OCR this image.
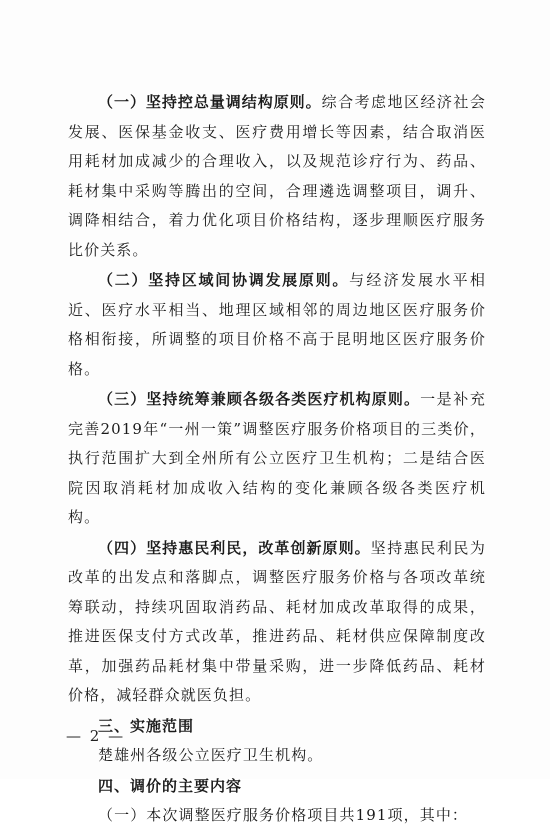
（一）坚持控总量调结构原则。综合考虑地区经济社会发展、医保基金收支、医疗费用增长等因素，结合取消医用耗材加成减少的合理收入，以及规范诊疗行为、药品、耗材集中采购等腾出的空间，合理遴选调整项目，调升、调降相结合，着力优化项目价格结构，逐步理顺医疗服务比价关系。

（二）坚持区域间协调发展原则。与经济发展水平相近、医疗水平相当、地理区域相邻的周边地区医疗服务价格相衔接，所调整的项目价格不高于昆明地区医疗服务价格。

（三）坚持统筹兼顾各级各类医疗机构原则。一是补充完善2019年“一州一策”调整医疗服务价格项目的三类价，执行范围扩大到全州所有公立医疗卫生机构；二是结合医院因取消耗材加成收入结构的变化兼顾各级各类医疗机构。

（四）坚持惠民利民，改革创新原则。坚持惠民利民为改革的出发点和落脚点，调整医疗服务价格与各项改革统筹联动，持续巩固取消药品、耗材加成改革取得的成果，推进医保支付方式改革，推进药品、耗材供应保障制度改革，加强药品耗材集中带量采购，进一步降低药品、耗材价格，减轻群众就医负担。

三、实施范围

楚雄州各级公立医疗卫生机构。

四、调价的主要内容

（一）本次调整医疗服务价格项目共191项，其中：

— 2 —
